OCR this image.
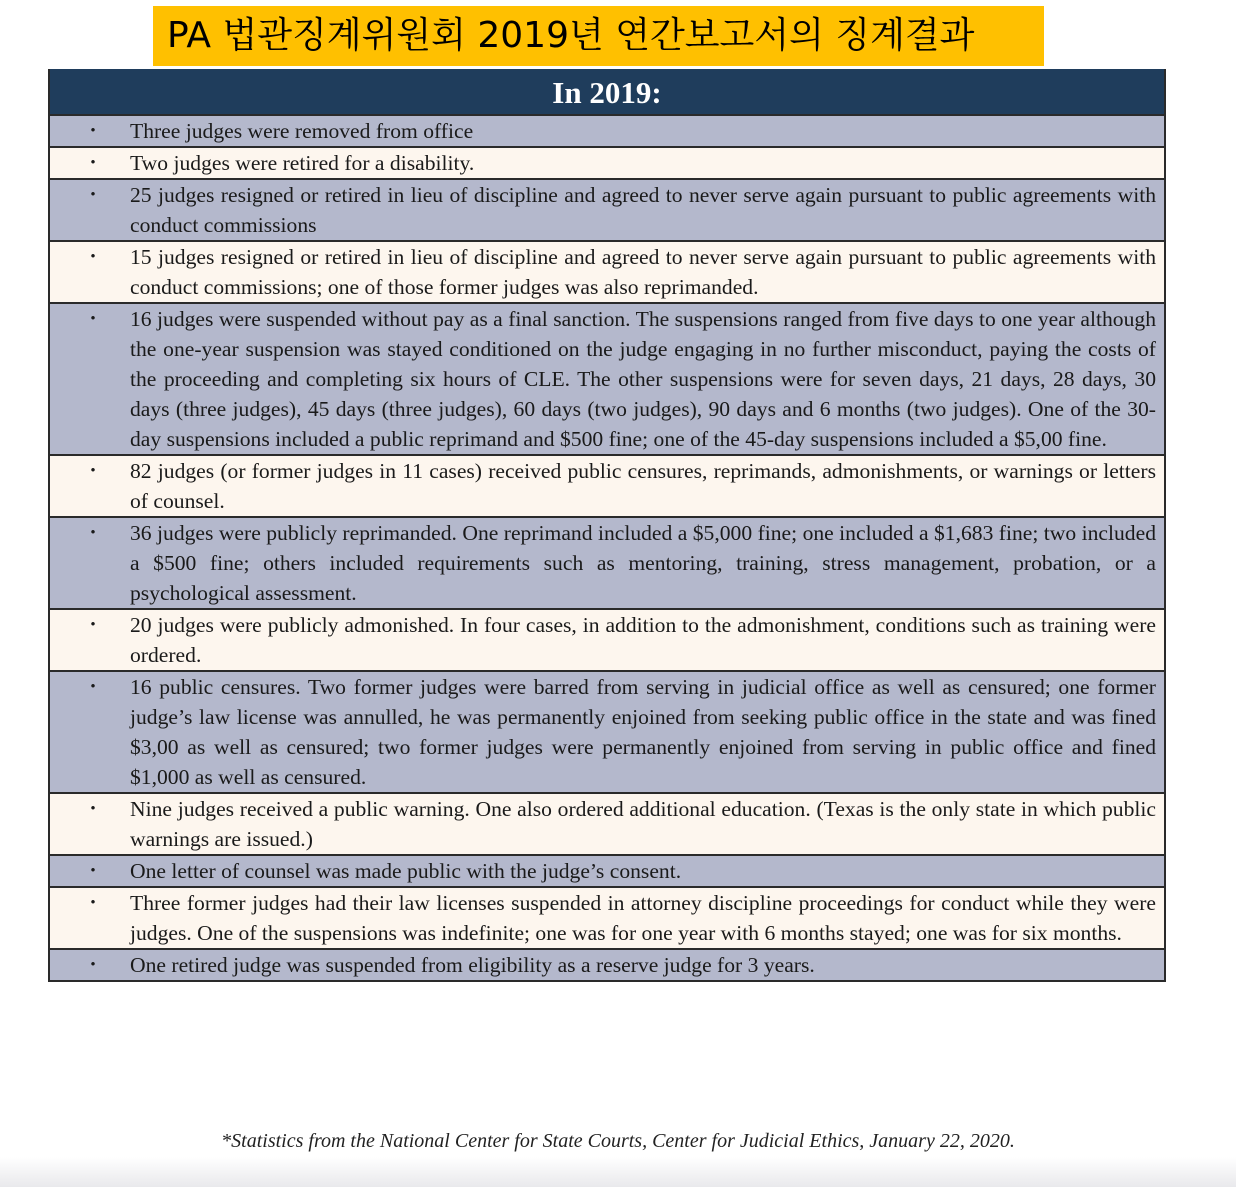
PA 법관징계위원회 2019년 연간보고서의 징계결과
In 2019:
•	Three judges were removed from office
•	Two judges were retired for a disability.
•	25 judges resigned or retired in lieu of discipline and agreed to never serve again pursuant to public agreements with conduct commissions
•	15 judges resigned or retired in lieu of discipline and agreed to never serve again pursuant to public agreements with conduct commissions; one of those former judges was also reprimanded.
•	16 judges were suspended without pay as a final sanction. The suspensions ranged from five days to one year although the one-year suspension was stayed conditioned on the judge engaging in no further misconduct, paying the costs of the proceeding and completing six hours of CLE. The other suspensions were for seven days, 21 days, 28 days, 30 days (three judges), 45 days (three judges), 60 days (two judges), 90 days and 6 months (two judges). One of the 30-day suspensions included a public reprimand and $500 fine; one of the 45-day suspensions included a $5,00 fine.
•	82 judges (or former judges in 11 cases) received public censures, reprimands, admonishments, or warnings or letters of counsel.
•	36 judges were publicly reprimanded. One reprimand included a $5,000 fine; one included a $1,683 fine; two included a $500 fine; others included requirements such as mentoring, training, stress management, probation, or a psychological assessment.
•	20 judges were publicly admonished. In four cases, in addition to the admonishment, conditions such as training were ordered.
•	16 public censures. Two former judges were barred from serving in judicial office as well as censured; one former judge’s law license was annulled, he was permanently enjoined from seeking public office in the state and was fined $3,00 as well as censured; two former judges were permanently enjoined from serving in public office and fined $1,000 as well as censured.
•	Nine judges received a public warning. One also ordered additional education. (Texas is the only state in which public warnings are issued.)
•	One letter of counsel was made public with the judge’s consent.
•	Three former judges had their law licenses suspended in attorney discipline proceedings for conduct while they were judges. One of the suspensions was indefinite; one was for one year with 6 months stayed; one was for six months.
•	One retired judge was suspended from eligibility as a reserve judge for 3 years.
*Statistics from the National Center for State Courts, Center for Judicial Ethics, January 22, 2020.
